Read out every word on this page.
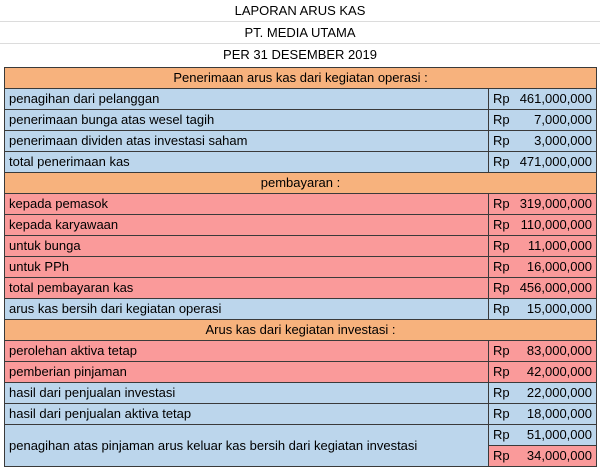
LAPORAN ARUS KAS
PT. MEDIA UTAMA
PER 31 DESEMBER 2019
Penerimaan arus kas dari kegiatan operasi :	
penagihan dari pelanggan	Rp 461,000,000

penerimaan bunga atas wesel tagih	Rp 7,000,000

penerimaan dividen atas investasi saham	Rp 3,000,000

total penerimaan kas	Rp 471,000,000

pembayaran :	
kepada pemasok	Rp 319,000,000

kepada karyawaan	Rp 110,000,000

untuk bunga	Rp 11,000,000

untuk PPh	Rp 16,000,000

total pembayaran kas	Rp 456,000,000

arus kas bersih dari kegiatan operasi	Rp 15,000,000

Arus kas dari kegiatan investasi :	
perolehan aktiva tetap	Rp 83,000,000

pemberian pinjaman	Rp 42,000,000

hasil dari penjualan investasi	Rp 22,000,000

hasil dari penjualan aktiva tetap	Rp 18,000,000

penagihan atas pinjaman arus keluar kas bersih dari kegiatan investasi	Rp 51,000,000

	Rp 34,000,000
